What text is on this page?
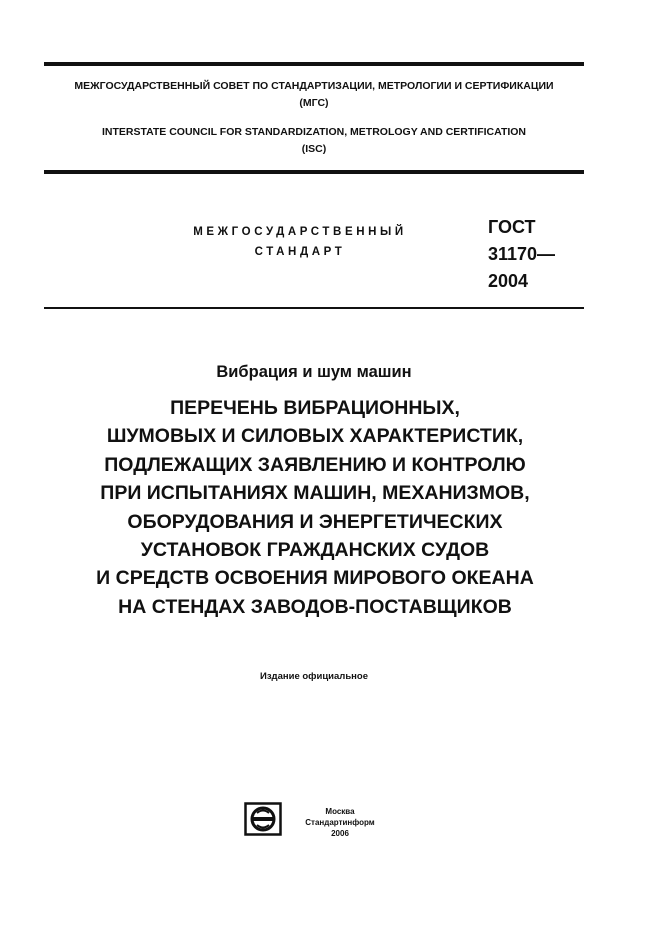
МЕЖГОСУДАРСТВЕННЫЙ СОВЕТ ПО СТАНДАРТИЗАЦИИ, МЕТРОЛОГИИ И СЕРТИФИКАЦИИ
(МГС)
INTERSTATE COUNCIL FOR STANDARDIZATION, METROLOGY AND CERTIFICATION
(ISC)
МЕЖГОСУДАРСТВЕННЫЙ
СТАНДАРТ
ГОСТ
31170—
2004
Вибрация и шум машин
ПЕРЕЧЕНЬ ВИБРАЦИОННЫХ,
ШУМОВЫХ И СИЛОВЫХ ХАРАКТЕРИСТИК,
ПОДЛЕЖАЩИХ ЗАЯВЛЕНИЮ И КОНТРОЛЮ
ПРИ ИСПЫТАНИЯХ МАШИН, МЕХАНИЗМОВ,
ОБОРУДОВАНИЯ И ЭНЕРГЕТИЧЕСКИХ
УСТАНОВОК ГРАЖДАНСКИХ СУДОВ
И СРЕДСТВ ОСВОЕНИЯ МИРОВОГО ОКЕАНА
НА СТЕНДАХ ЗАВОДОВ-ПОСТАВЩИКОВ
Издание официальное
Москва
Стандартинформ
2006
